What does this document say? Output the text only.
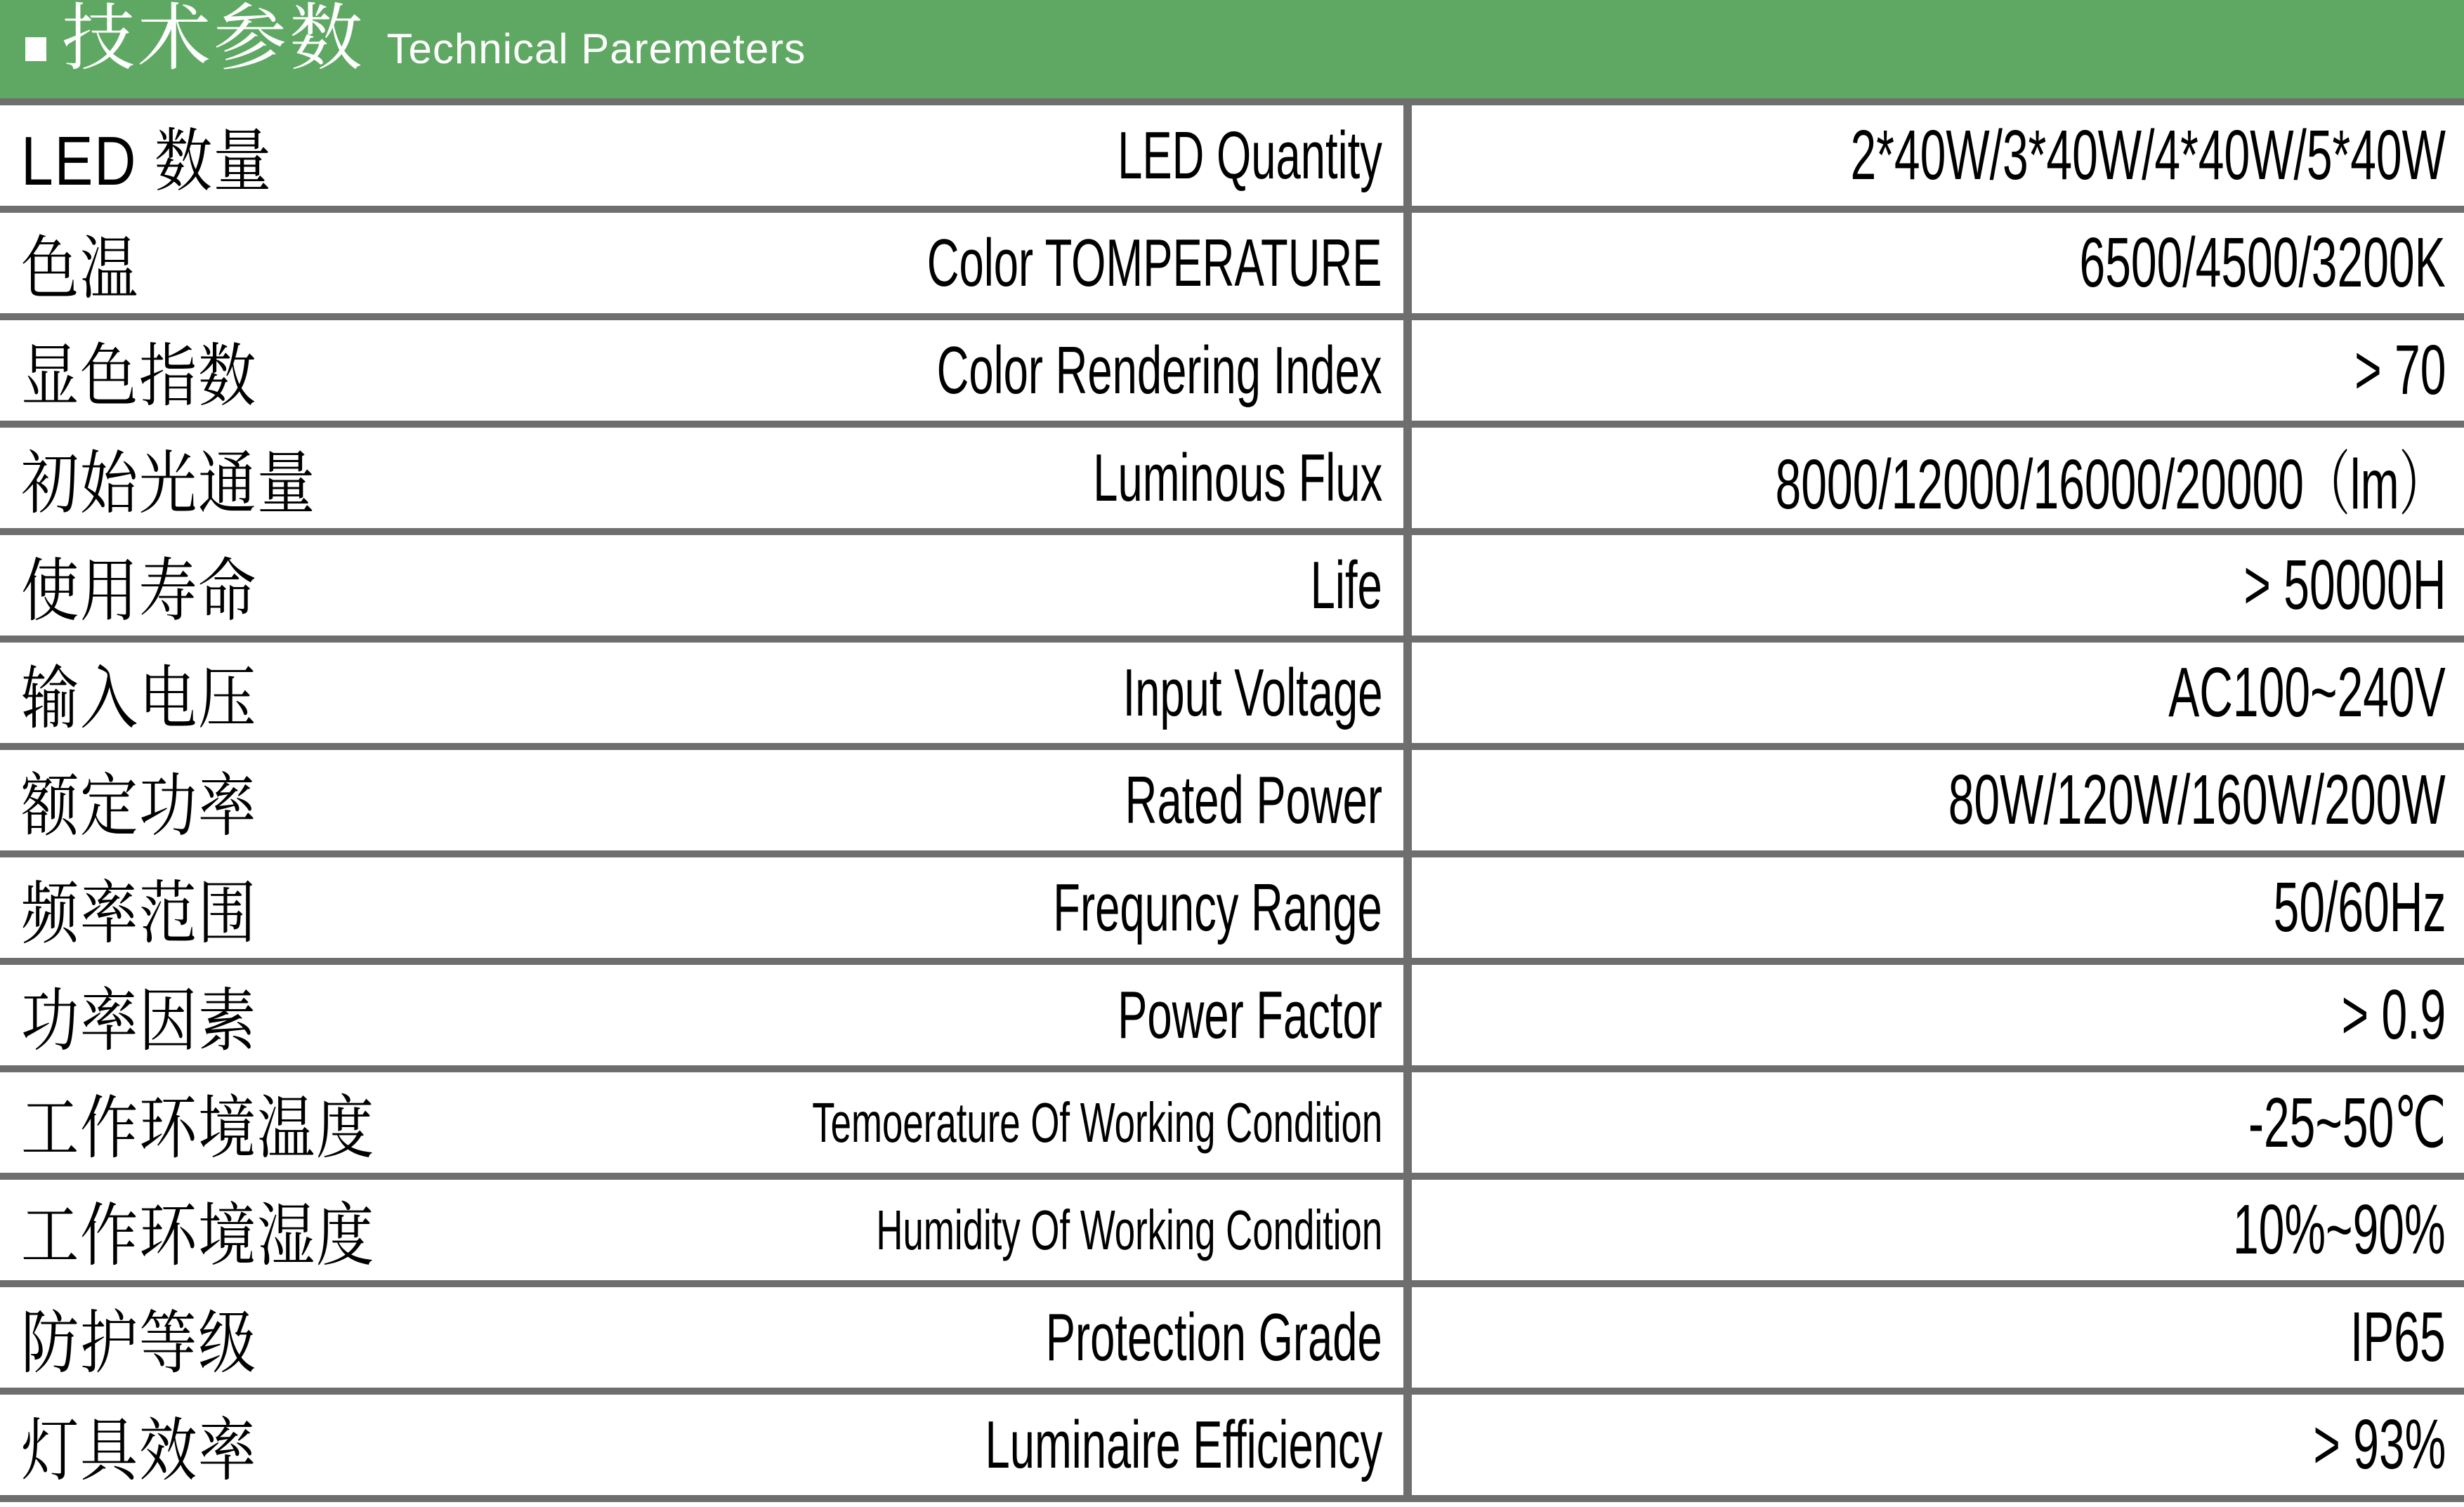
技术参数 Technical Paremeters
LED 数量	LED Quantity	2*40W/3*40W/4*40W/5*40W
色温	Color TOMPERATURE	6500/4500/3200K
显色指数	Color Rendering Index	> 70
初始光通量	Luminous Flux	8000/12000/16000/20000（lm）
使用寿命	Life	> 50000H
输入电压	Input Voltage	AC100~240V
额定功率	Rated Power	80W/120W/160W/200W
频率范围	Frequncy Range	50/60Hz
功率因素	Power Factor	> 0.9
工作环境温度	Temoerature Of Working Condition	-25~50℃
工作环境湿度	Humidity Of Working Condition	10%~90%
防护等级	Protection Grade	IP65
灯具效率	Luminaire Efficiency	> 93%
